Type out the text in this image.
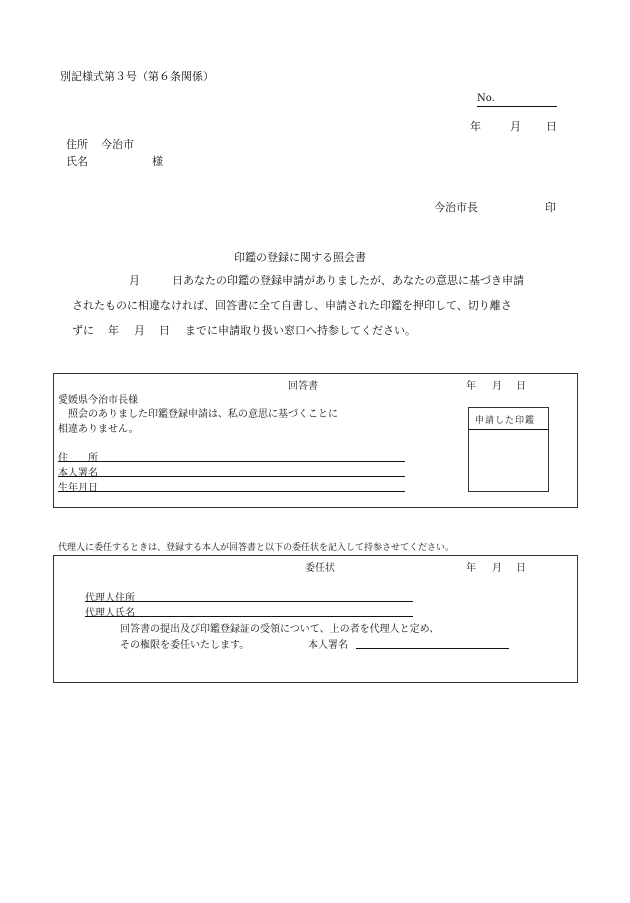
別記様式第３号（第６条関係）
No.
年	月 日
住所 今治市
氏名	様
今治市長	印
印鑑の登録に関する照会書
月	日あなたの印鑑の登録申請がありましたが、あなたの意思に基づき申請
されたものに相違なければ、回答書に全て自書し、申請された印鑑を押印して、切り離さ
ずに 年 月 日 までに申請取り扱い窓口へ持参してください。
回答書	年 月 日
愛媛県今治市長様
照会のありました印鑑登録申請は、私の意思に基づくことに
相違ありません。
住　　所
本人署名
生年月日
申請した印鑑
代理人に委任するときは、登録する本人が回答書と以下の委任状を記入して持参させてください。
委任状	年 月 日
代理人住所
代理人氏名
回答書の提出及び印鑑登録証の受領について、上の者を代理人と定め、
その権限を委任いたします。	本人署名
